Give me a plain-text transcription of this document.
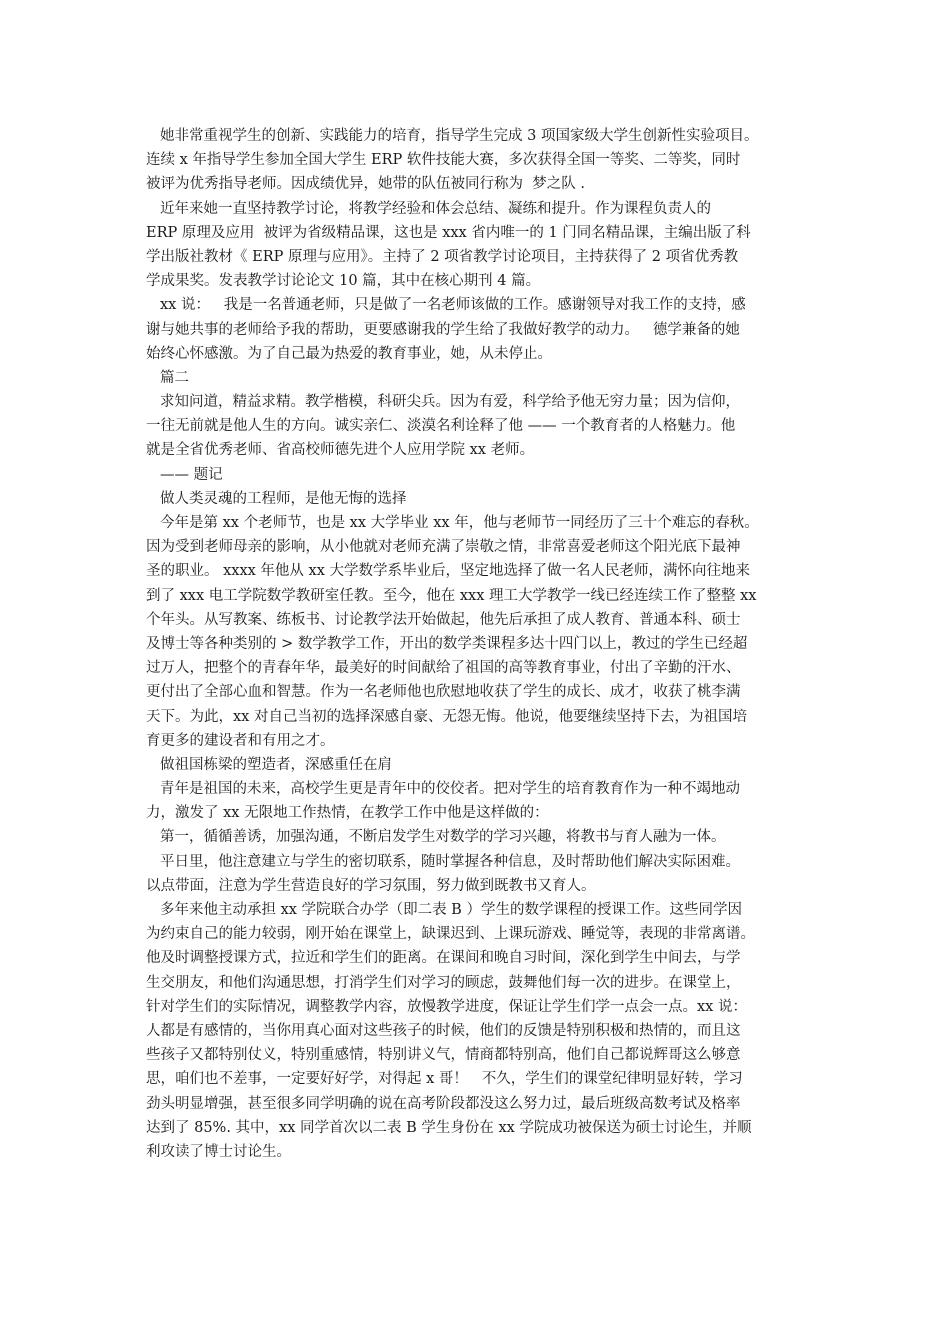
她非常重视学生的创新、实践能力的培育，指导学生完成 3 项国家级大学生创新性实验项目。
连续 x 年指导学生参加全国大学生 ERP 软件技能大赛，多次获得全国一等奖、二等奖，同时
被评为优秀指导老师。因成绩优异，她带的队伍被同行称为  梦之队 .
近年来她一直坚持教学讨论，将教学经验和体会总结、凝练和提升。作为课程负责人的
ERP 原理及应用  被评为省级精品课，这也是 xxx 省内唯一的 1 门同名精品课，主编出版了科
学出版社教材《 ERP 原理与应用》。主持了 2 项省教学讨论项目，主持获得了 2 项省优秀教
学成果奖。发表教学讨论论文 10 篇，其中在核心期刊 4 篇。
xx 说：   我是一名普通老师，只是做了一名老师该做的工作。感谢领导对我工作的支持，感
谢与她共事的老师给予我的帮助，更要感谢我的学生给了我做好教学的动力。   德学兼备的她
始终心怀感激。为了自己最为热爱的教育事业，她，从未停止。
篇二
求知问道，精益求精。教学楷模，科研尖兵。因为有爱，科学给予他无穷力量；因为信仰，
一往无前就是他人生的方向。诚实亲仁、淡漠名利诠释了他 —— 一个教育者的人格魅力。他
就是全省优秀老师、省高校师德先进个人应用学院 xx 老师。
—— 题记
做人类灵魂的工程师，是他无悔的选择
今年是第 xx 个老师节，也是 xx 大学毕业 xx 年，他与老师节一同经历了三十个难忘的春秋。
因为受到老师母亲的影响，从小他就对老师充满了崇敬之情，非常喜爱老师这个阳光底下最神
圣的职业。 xxxx 年他从 xx 大学数学系毕业后，坚定地选择了做一名人民老师，满怀向往地来
到了 xxx 电工学院数学教研室任教。至今，他在 xxx 理工大学教学一线已经连续工作了整整 xx
个年头。从写教案、练板书、讨论教学法开始做起，他先后承担了成人教育、普通本科、硕士
及博士等各种类别的 > 数学教学工作，开出的数学类课程多达十四门以上，教过的学生已经超
过万人，把整个的青春年华，最美好的时间献给了祖国的高等教育事业，付出了辛勤的汗水、
更付出了全部心血和智慧。作为一名老师他也欣慰地收获了学生的成长、成才，收获了桃李满
天下。为此，xx 对自己当初的选择深感自豪、无怨无悔。他说，他要继续坚持下去，为祖国培
育更多的建设者和有用之才。
做祖国栋梁的塑造者，深感重任在肩
青年是祖国的未来，高校学生更是青年中的佼佼者。把对学生的培育教育作为一种不竭地动
力，激发了 xx 无限地工作热情，在教学工作中他是这样做的：
第一，循循善诱，加强沟通，不断启发学生对数学的学习兴趣，将教书与育人融为一体。
平日里，他注意建立与学生的密切联系，随时掌握各种信息，及时帮助他们解决实际困难。
以点带面，注意为学生营造良好的学习氛围，努力做到既教书又育人。
多年来他主动承担 xx 学院联合办学（即二表 B ）学生的数学课程的授课工作。这些同学因
为约束自己的能力较弱，刚开始在课堂上，缺课迟到、上课玩游戏、睡觉等，表现的非常离谱。
他及时调整授课方式，拉近和学生们的距离。在课间和晚自习时间，深化到学生中间去，与学
生交朋友，和他们沟通思想，打消学生们对学习的顾虑，鼓舞他们每一次的进步。在课堂上，
针对学生们的实际情况，调整教学内容，放慢教学进度，保证让学生们学一点会一点。xx 说：
人都是有感情的，当你用真心面对这些孩子的时候，他们的反馈是特别积极和热情的，而且这
些孩子又都特别仗义，特别重感情，特别讲义气，情商都特别高，他们自己都说辉哥这么够意
思，咱们也不差事，一定要好好学，对得起 x 哥！   不久，学生们的课堂纪律明显好转，学习
劲头明显增强，甚至很多同学明确的说在高考阶段都没这么努力过，最后班级高数考试及格率
达到了 85%. 其中，xx 同学首次以二表 B 学生身份在 xx 学院成功被保送为硕士讨论生，并顺
利攻读了博士讨论生。
